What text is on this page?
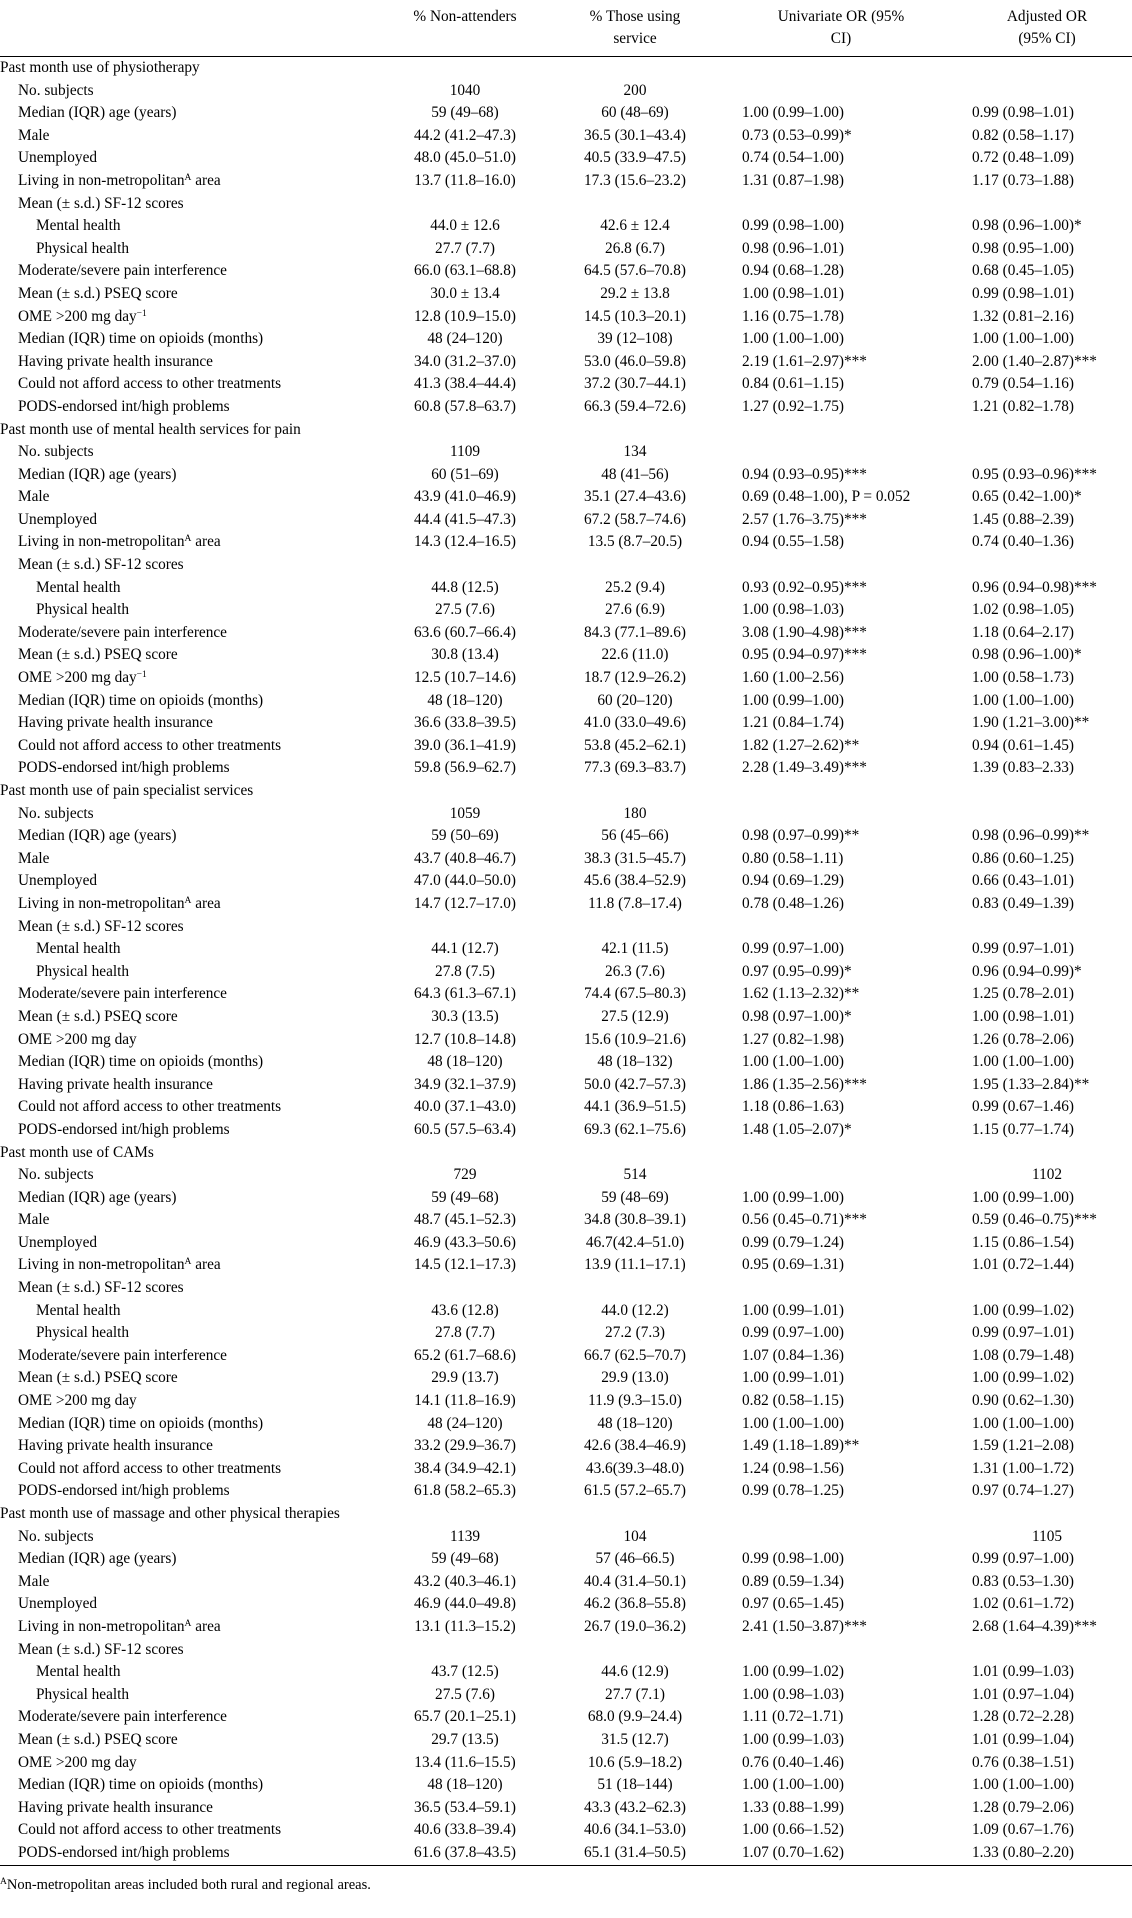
	% Non-attenders	% Those using service	Univariate OR (95% CI)	Adjusted OR (95% CI)

Past month use of physiotherapy				
No. subjects	1040	200		
Median (IQR) age (years)	59 (49–68)	60 (48–69)	1.00 (0.99–1.00)	0.99 (0.98–1.01)
Male	44.2 (41.2–47.3)	36.5 (30.1–43.4)	0.73 (0.53–0.99)*	0.82 (0.58–1.17)
Unemployed	48.0 (45.0–51.0)	40.5 (33.9–47.5)	0.74 (0.54–1.00)	0.72 (0.48–1.09)
Living in non-metropolitan$^A$ area	13.7 (11.8–16.0)	17.3 (15.6–23.2)	1.31 (0.87–1.98)	1.17 (0.73–1.88)
Mean (± s.d.) SF-12 scores				
Mental health	44.0 ± 12.6	42.6 ± 12.4	0.99 (0.98–1.00)	0.98 (0.96–1.00)*
Physical health	27.7 (7.7)	26.8 (6.7)	0.98 (0.96–1.01)	0.98 (0.95–1.00)
Moderate/severe pain interference	66.0 (63.1–68.8)	64.5 (57.6–70.8)	0.94 (0.68–1.28)	0.68 (0.45–1.05)
Mean (± s.d.) PSEQ score	30.0 ± 13.4	29.2 ± 13.8	1.00 (0.98–1.01)	0.99 (0.98–1.01)
OME >200 mg day$^{-1}$	12.8 (10.9–15.0)	14.5 (10.3–20.1)	1.16 (0.75–1.78)	1.32 (0.81–2.16)
Median (IQR) time on opioids (months)	48 (24–120)	39 (12–108)	1.00 (1.00–1.00)	1.00 (1.00–1.00)
Having private health insurance	34.0 (31.2–37.0)	53.0 (46.0–59.8)	2.19 (1.61–2.97)***	2.00 (1.40–2.87)***
Could not afford access to other treatments	41.3 (38.4–44.4)	37.2 (30.7–44.1)	0.84 (0.61–1.15)	0.79 (0.54–1.16)
PODS-endorsed int/high problems	60.8 (57.8–63.7)	66.3 (59.4–72.6)	1.27 (0.92–1.75)	1.21 (0.82–1.78)
Past month use of mental health services for pain				
No. subjects	1109	134		
Median (IQR) age (years)	60 (51–69)	48 (41–56)	0.94 (0.93–0.95)***	0.95 (0.93–0.96)***
Male	43.9 (41.0–46.9)	35.1 (27.4–43.6)	0.69 (0.48–1.00), P = 0.052	0.65 (0.42–1.00)*
Unemployed	44.4 (41.5–47.3)	67.2 (58.7–74.6)	2.57 (1.76–3.75)***	1.45 (0.88–2.39)
Living in non-metropolitan$^A$ area	14.3 (12.4–16.5)	13.5 (8.7–20.5)	0.94 (0.55–1.58)	0.74 (0.40–1.36)
Mean (± s.d.) SF-12 scores				
Mental health	44.8 (12.5)	25.2 (9.4)	0.93 (0.92–0.95)***	0.96 (0.94–0.98)***
Physical health	27.5 (7.6)	27.6 (6.9)	1.00 (0.98–1.03)	1.02 (0.98–1.05)
Moderate/severe pain interference	63.6 (60.7–66.4)	84.3 (77.1–89.6)	3.08 (1.90–4.98)***	1.18 (0.64–2.17)
Mean (± s.d.) PSEQ score	30.8 (13.4)	22.6 (11.0)	0.95 (0.94–0.97)***	0.98 (0.96–1.00)*
OME >200 mg day$^{-1}$	12.5 (10.7–14.6)	18.7 (12.9–26.2)	1.60 (1.00–2.56)	1.00 (0.58–1.73)
Median (IQR) time on opioids (months)	48 (18–120)	60 (20–120)	1.00 (0.99–1.00)	1.00 (1.00–1.00)
Having private health insurance	36.6 (33.8–39.5)	41.0 (33.0–49.6)	1.21 (0.84–1.74)	1.90 (1.21–3.00)**
Could not afford access to other treatments	39.0 (36.1–41.9)	53.8 (45.2–62.1)	1.82 (1.27–2.62)**	0.94 (0.61–1.45)
PODS-endorsed int/high problems	59.8 (56.9–62.7)	77.3 (69.3–83.7)	2.28 (1.49–3.49)***	1.39 (0.83–2.33)
Past month use of pain specialist services				
No. subjects	1059	180		
Median (IQR) age (years)	59 (50–69)	56 (45–66)	0.98 (0.97–0.99)**	0.98 (0.96–0.99)**
Male	43.7 (40.8–46.7)	38.3 (31.5–45.7)	0.80 (0.58–1.11)	0.86 (0.60–1.25)
Unemployed	47.0 (44.0–50.0)	45.6 (38.4–52.9)	0.94 (0.69–1.29)	0.66 (0.43–1.01)
Living in non-metropolitan$^A$ area	14.7 (12.7–17.0)	11.8 (7.8–17.4)	0.78 (0.48–1.26)	0.83 (0.49–1.39)
Mean (± s.d.) SF-12 scores				
Mental health	44.1 (12.7)	42.1 (11.5)	0.99 (0.97–1.00)	0.99 (0.97–1.01)
Physical health	27.8 (7.5)	26.3 (7.6)	0.97 (0.95–0.99)*	0.96 (0.94–0.99)*
Moderate/severe pain interference	64.3 (61.3–67.1)	74.4 (67.5–80.3)	1.62 (1.13–2.32)**	1.25 (0.78–2.01)
Mean (± s.d.) PSEQ score	30.3 (13.5)	27.5 (12.9)	0.98 (0.97–1.00)*	1.00 (0.98–1.01)
OME >200 mg day	12.7 (10.8–14.8)	15.6 (10.9–21.6)	1.27 (0.82–1.98)	1.26 (0.78–2.06)
Median (IQR) time on opioids (months)	48 (18–120)	48 (18–132)	1.00 (1.00–1.00)	1.00 (1.00–1.00)
Having private health insurance	34.9 (32.1–37.9)	50.0 (42.7–57.3)	1.86 (1.35–2.56)***	1.95 (1.33–2.84)**
Could not afford access to other treatments	40.0 (37.1–43.0)	44.1 (36.9–51.5)	1.18 (0.86–1.63)	0.99 (0.67–1.46)
PODS-endorsed int/high problems	60.5 (57.5–63.4)	69.3 (62.1–75.6)	1.48 (1.05–2.07)*	1.15 (0.77–1.74)
Past month use of CAMs				
No. subjects	729	514		1102
Median (IQR) age (years)	59 (49–68)	59 (48–69)	1.00 (0.99–1.00)	1.00 (0.99–1.00)
Male	48.7 (45.1–52.3)	34.8 (30.8–39.1)	0.56 (0.45–0.71)***	0.59 (0.46–0.75)***
Unemployed	46.9 (43.3–50.6)	46.7(42.4–51.0)	0.99 (0.79–1.24)	1.15 (0.86–1.54)
Living in non-metropolitan$^A$ area	14.5 (12.1–17.3)	13.9 (11.1–17.1)	0.95 (0.69–1.31)	1.01 (0.72–1.44)
Mean (± s.d.) SF-12 scores				
Mental health	43.6 (12.8)	44.0 (12.2)	1.00 (0.99–1.01)	1.00 (0.99–1.02)
Physical health	27.8 (7.7)	27.2 (7.3)	0.99 (0.97–1.00)	0.99 (0.97–1.01)
Moderate/severe pain interference	65.2 (61.7–68.6)	66.7 (62.5–70.7)	1.07 (0.84–1.36)	1.08 (0.79–1.48)
Mean (± s.d.) PSEQ score	29.9 (13.7)	29.9 (13.0)	1.00 (0.99–1.01)	1.00 (0.99–1.02)
OME >200 mg day	14.1 (11.8–16.9)	11.9 (9.3–15.0)	0.82 (0.58–1.15)	0.90 (0.62–1.30)
Median (IQR) time on opioids (months)	48 (24–120)	48 (18–120)	1.00 (1.00–1.00)	1.00 (1.00–1.00)
Having private health insurance	33.2 (29.9–36.7)	42.6 (38.4–46.9)	1.49 (1.18–1.89)**	1.59 (1.21–2.08)
Could not afford access to other treatments	38.4 (34.9–42.1)	43.6(39.3–48.0)	1.24 (0.98–1.56)	1.31 (1.00–1.72)
PODS-endorsed int/high problems	61.8 (58.2–65.3)	61.5 (57.2–65.7)	0.99 (0.78–1.25)	0.97 (0.74–1.27)
Past month use of massage and other physical therapies				
No. subjects	1139	104		1105
Median (IQR) age (years)	59 (49–68)	57 (46–66.5)	0.99 (0.98–1.00)	0.99 (0.97–1.00)
Male	43.2 (40.3–46.1)	40.4 (31.4–50.1)	0.89 (0.59–1.34)	0.83 (0.53–1.30)
Unemployed	46.9 (44.0–49.8)	46.2 (36.8–55.8)	0.97 (0.65–1.45)	1.02 (0.61–1.72)
Living in non-metropolitan$^A$ area	13.1 (11.3–15.2)	26.7 (19.0–36.2)	2.41 (1.50–3.87)***	2.68 (1.64–4.39)***
Mean (± s.d.) SF-12 scores				
Mental health	43.7 (12.5)	44.6 (12.9)	1.00 (0.99–1.02)	1.01 (0.99–1.03)
Physical health	27.5 (7.6)	27.7 (7.1)	1.00 (0.98–1.03)	1.01 (0.97–1.04)
Moderate/severe pain interference	65.7 (20.1–25.1)	68.0 (9.9–24.4)	1.11 (0.72–1.71)	1.28 (0.72–2.28)
Mean (± s.d.) PSEQ score	29.7 (13.5)	31.5 (12.7)	1.00 (0.99–1.03)	1.01 (0.99–1.04)
OME >200 mg day	13.4 (11.6–15.5)	10.6 (5.9–18.2)	0.76 (0.40–1.46)	0.76 (0.38–1.51)
Median (IQR) time on opioids (months)	48 (18–120)	51 (18–144)	1.00 (1.00–1.00)	1.00 (1.00–1.00)
Having private health insurance	36.5 (53.4–59.1)	43.3 (43.2–62.3)	1.33 (0.88–1.99)	1.28 (0.79–2.06)
Could not afford access to other treatments	40.6 (33.8–39.4)	40.6 (34.1–53.0)	1.00 (0.66–1.52)	1.09 (0.67–1.76)
PODS-endorsed int/high problems	61.6 (37.8–43.5)	65.1 (31.4–50.5)	1.07 (0.70–1.62)	1.33 (0.80–2.20)
$^A$Non-metropolitan areas included both rural and regional areas.				
